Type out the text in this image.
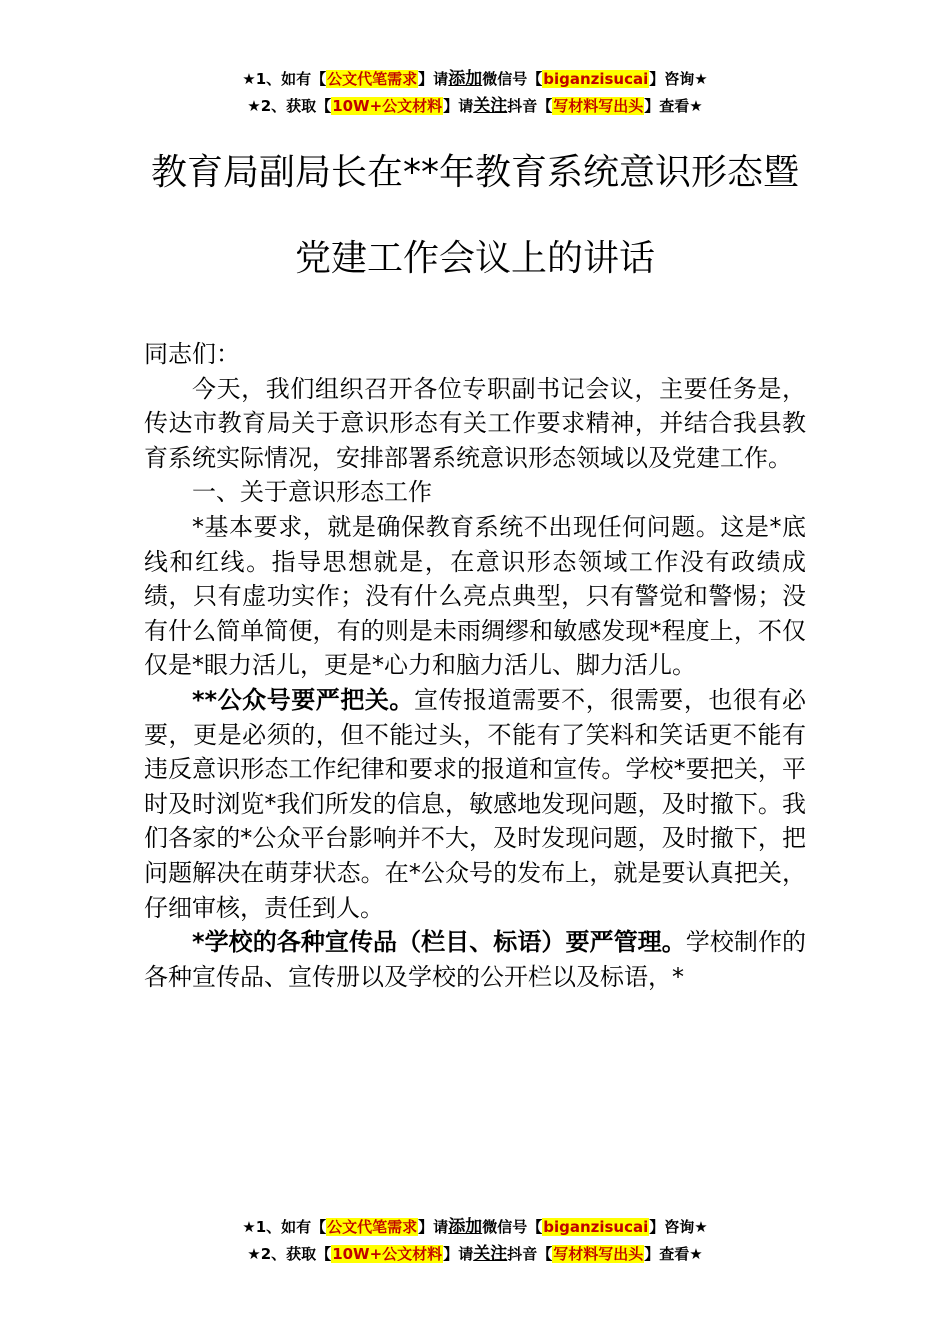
★1、如有【公文代笔需求】请添加微信号【biganzisucai】咨询★
★2、获取【10W+公文材料】请关注抖音【写材料写出头】查看★
教育局副局长在**年教育系统意识形态暨
党建工作会议上的讲话

同志们：

今天，我们组织召开各位专职副书记会议，主要任务是，传达市教育局关于意识形态有关工作要求精神，并结合我县教育系统实际情况，安排部署系统意识形态领域以及党建工作。

一、关于意识形态工作

*基本要求，就是确保教育系统不出现任何问题。这是*底线和红线。指导思想就是，在意识形态领域工作没有政绩成绩，只有虚功实作；没有什么亮点典型，只有警觉和警惕；没有什么简单简便，有的则是未雨绸缪和敏感发现*程度上，不仅仅是*眼力活儿，更是*心力和脑力活儿、脚力活儿。

**公众号要严把关。宣传报道需要不，很需要，也很有必要，更是必须的，但不能过头，不能有了笑料和笑话更不能有违反意识形态工作纪律和要求的报道和宣传。学校*要把关，平时及时浏览*我们所发的信息，敏感地发现问题，及时撤下。我们各家的*公众平台影响并不大，及时发现问题，及时撤下，把问题解决在萌芽状态。在*公众号的发布上，就是要认真把关，仔细审核，责任到人。

*学校的各种宣传品（栏目、标语）要严管理。学校制作的各种宣传品、宣传册以及学校的公开栏以及标语，*

★1、如有【公文代笔需求】请添加微信号【biganzisucai】咨询★
★2、获取【10W+公文材料】请关注抖音【写材料写出头】查看★
